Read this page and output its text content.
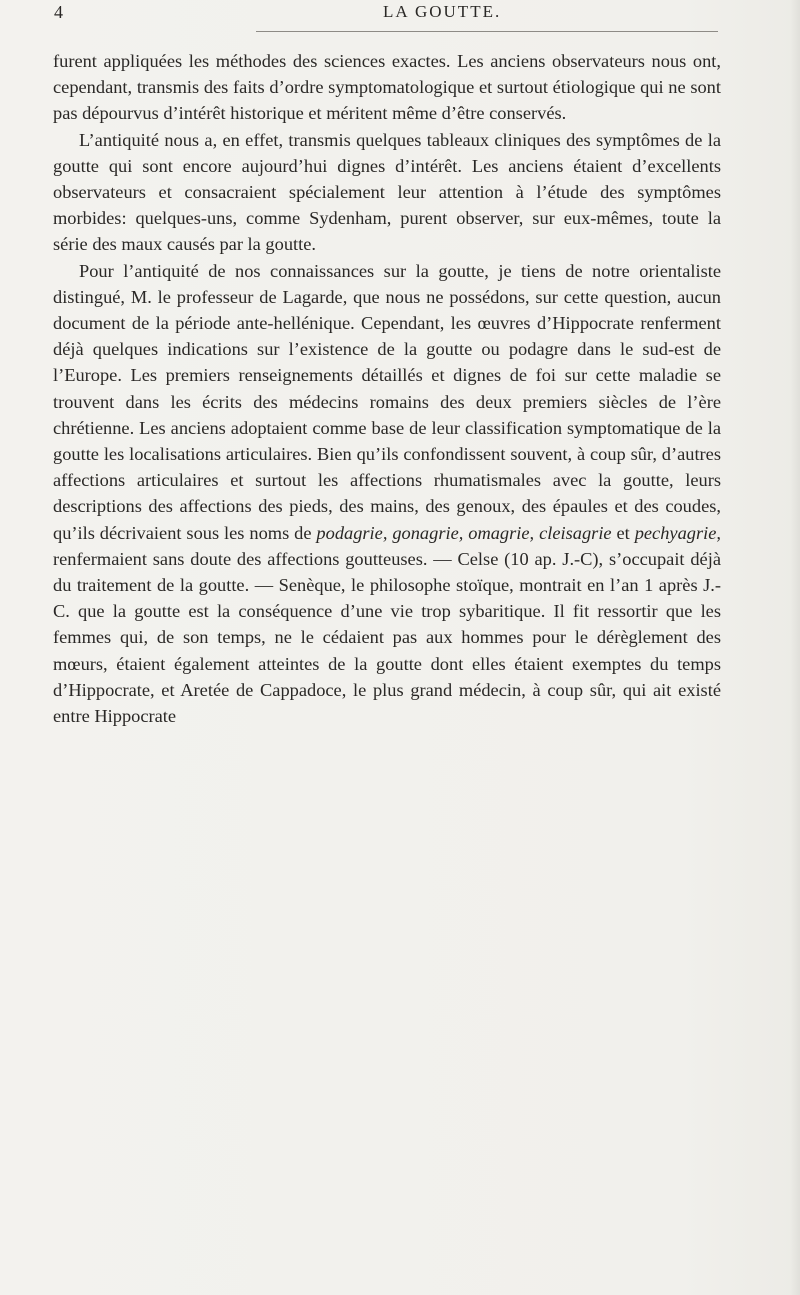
4	LA GOUTTE.

furent appliquées les méthodes des sciences exactes. Les anciens observateurs nous ont, cependant, transmis des faits d’ordre symptomatologique et surtout étiologique qui ne sont pas dépourvus d’intérêt historique et méritent même d’être conservés.

L’antiquité nous a, en effet, transmis quelques tableaux cliniques des symptômes de la goutte qui sont encore aujourd’hui dignes d’intérêt. Les anciens étaient d’excellents observateurs et consacraient spécialement leur attention à l’étude des symptômes morbides: quelques-uns, comme Sydenham, purent observer, sur eux-mêmes, toute la série des maux causés par la goutte.

Pour l’antiquité de nos connaissances sur la goutte, je tiens de notre orientaliste distingué, M. le professeur de Lagarde, que nous ne possédons, sur cette question, aucun document de la période ante-hellénique. Cependant, les œuvres d’Hippocrate renferment déjà quelques indications sur l’existence de la goutte ou podagre dans le sud-est de l’Europe. Les premiers renseignements détaillés et dignes de foi sur cette maladie se trouvent dans les écrits des médecins romains des deux premiers siècles de l’ère chrétienne. Les anciens adoptaient comme base de leur classification symptomatique de la goutte les localisations articulaires. Bien qu’ils confondissent souvent, à coup sûr, d’autres affections articulaires et surtout les affections rhumatismales avec la goutte, leurs descriptions des affections des pieds, des mains, des genoux, des épaules et des coudes, qu’ils décrivaient sous les noms de podagrie, gonagrie, omagrie, cleisagrie et pechyagrie, renfermaient sans doute des affections goutteuses. — Celse (10 ap. J.-C), s’occupait déjà du traitement de la goutte. — Senèque, le philosophe stoïque, montrait en l’an 1 après J.-C. que la goutte est la conséquence d’une vie trop sybaritique. Il fit ressortir que les femmes qui, de son temps, ne le cédaient pas aux hommes pour le dérèglement des mœurs, étaient également atteintes de la goutte dont elles étaient exemptes du temps d’Hippocrate, et Aretée de Cappadoce, le plus grand médecin, à coup sûr, qui ait existé entre Hippocrate
